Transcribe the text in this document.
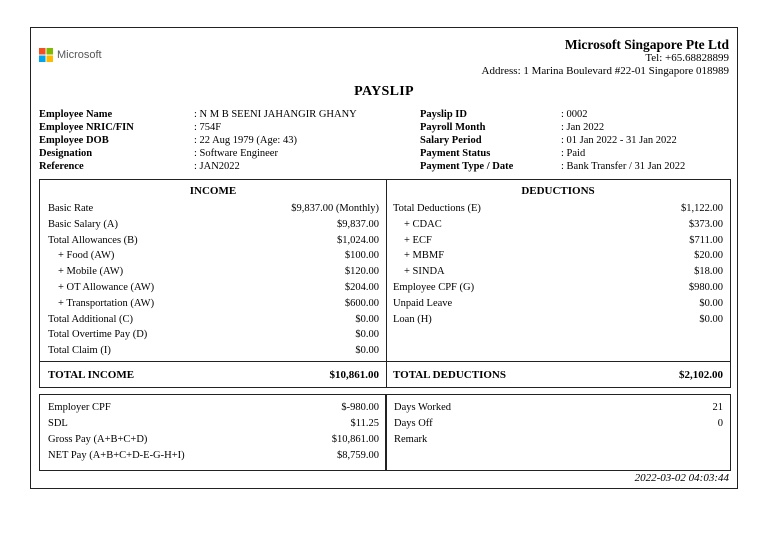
Microsoft
Microsoft Singapore Pte Ltd
Tel: +65.68828899
Address: 1 Marina Boulevard #22-01 Singapore 018989
PAYSLIP
Employee Name	: N M B SEENI JAHANGIR GHANY
Employee NRIC/FIN	: 754F
Employee DOB	: 22 Aug 1979 (Age: 43)
Designation	: Software Engineer
Reference	: JAN2022
Payslip ID	: 0002
Payroll Month	: Jan 2022
Salary Period	: 01 Jan 2022 - 31 Jan 2022
Payment Status	: Paid
Payment Type / Date	: Bank Transfer / 31 Jan 2022
INCOME
Basic Rate	$9,837.00 (Monthly)
Basic Salary (A)	$9,837.00
Total Allowances (B)	$1,024.00
+ Food (AW)	$100.00
+ Mobile (AW)	$120.00
+ OT Allowance (AW)	$204.00
+ Transportation (AW)	$600.00
Total Additional (C)	$0.00
Total Overtime Pay (D)	$0.00
Total Claim (I)	$0.00
TOTAL INCOME	$10,861.00
DEDUCTIONS
Total Deductions (E)	$1,122.00
+ CDAC	$373.00
+ ECF	$711.00
+ MBMF	$20.00
+ SINDA	$18.00
Employee CPF (G)	$980.00
Unpaid Leave	$0.00
Loan (H)	$0.00
TOTAL DEDUCTIONS	$2,102.00
Employer CPF	$-980.00
SDL	$11.25
Gross Pay (A+B+C+D)	$10,861.00
NET Pay (A+B+C+D-E-G-H+I)	$8,759.00
Days Worked	21
Days Off	0
Remark
2022-03-02 04:03:44
